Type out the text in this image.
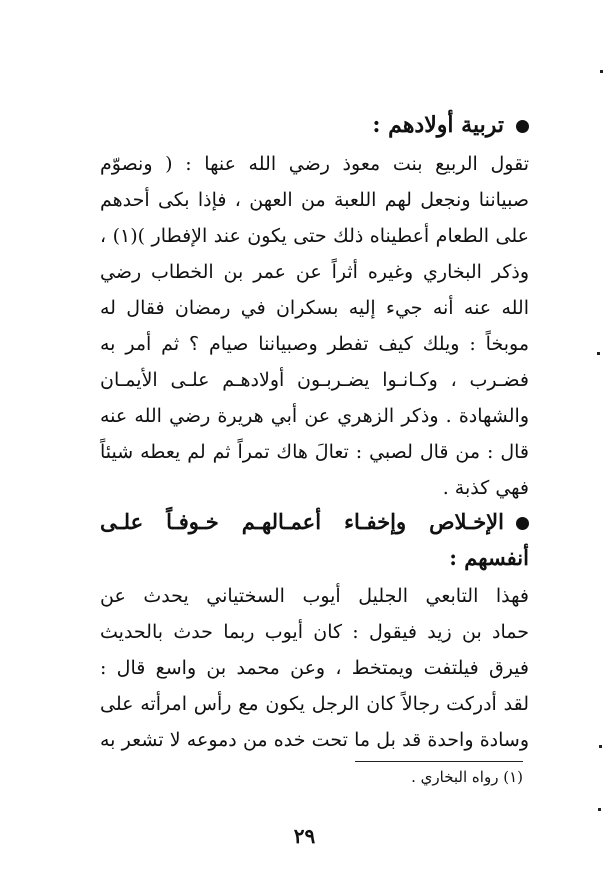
تربية أولادهم :
تقول الربيع بنت معوذ رضي الله عنها : ( ونصوّم
صبياننا ونجعل لهم اللعبة من العهن ، فإذا بكى أحدهم
على الطعام أعطيناه ذلك حتى يكون عند الإفطار )(١) ،
وذكر البخاري وغيره أثراً عن عمر بن الخطاب رضي
الله عنه أنه جيء إليه بسكران في رمضان فقال له
موبخاً : ويلك كيف تفطر وصبياننا صيام ؟ ثم أمر به
فضـرب ، وكـانـوا يضـربـون أولادهـم علـى الأيمـان
والشهادة . وذكر الزهري عن أبي هريرة رضي الله عنه
قال : من قال لصبي : تعالَ هاك تمراً ثم لم يعطه شيئاً
فهي كذبة .
الإخـلاص وإخفـاء أعمـالهـم خـوفـاً علـى
أنفسهم :
فهذا التابعي الجليل أيوب السختياني يحدث عن
حماد بن زيد فيقول : كان أيوب ربما حدث بالحديث
فيرق فيلتفت ويمتخط ، وعن محمد بن واسع قال :
لقد أدركت رجالاً كان الرجل يكون مع رأس امرأته على
وسادة واحدة قد بل ما تحت خده من دموعه لا تشعر به
(١) رواه البخاري .
٢٩
